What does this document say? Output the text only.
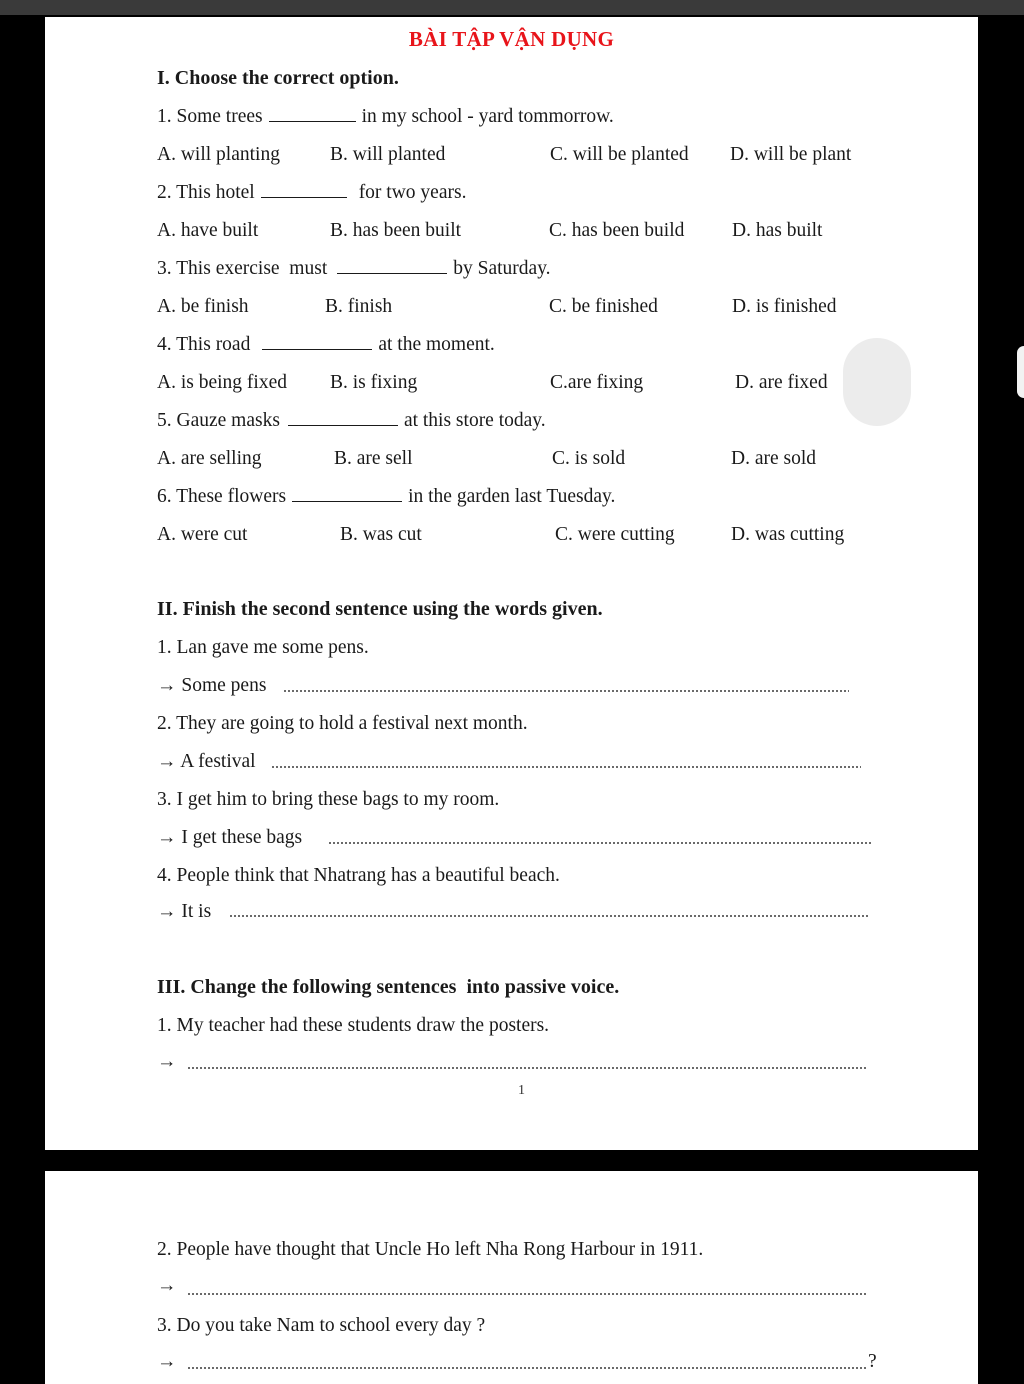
BÀI TẬP VẬN DỤNG
I. Choose the correct option.
1. Some trees	in my school - yard tommorrow.
A. will planting	B. will planted	C. will be planted D. will be plant
2. This hotel	for two years.
A. have built	B. has been built	C. has been build D. has built
3. This exercise  must	by Saturday.
A. be finish	B. finish	C. be finished	D. is finished
4. This road	at the moment.
A. is being fixed B. is fixing	C.are fixing	D. are fixed
5. Gauze masks	at this store today.
A. are selling	B. are sell	C. is sold	D. are sold
6. These flowers	in the garden last Tuesday.
A. were cut	B. was cut	C. were cutting	D. was cutting
II. Finish the second sentence using the words given.
1. Lan gave me some pens.
→ Some pens
2. They are going to hold a festival next month.
→ A festival
3. I get him to bring these bags to my room.
→ I get these bags
4. People think that Nhatrang has a beautiful beach.
→ It is
III. Change the following sentences  into passive voice.
1. My teacher had these students draw the posters.
→
1
2. People have thought that Uncle Ho left Nha Rong Harbour in 1911.
→
3. Do you take Nam to school every day ?
→	?
